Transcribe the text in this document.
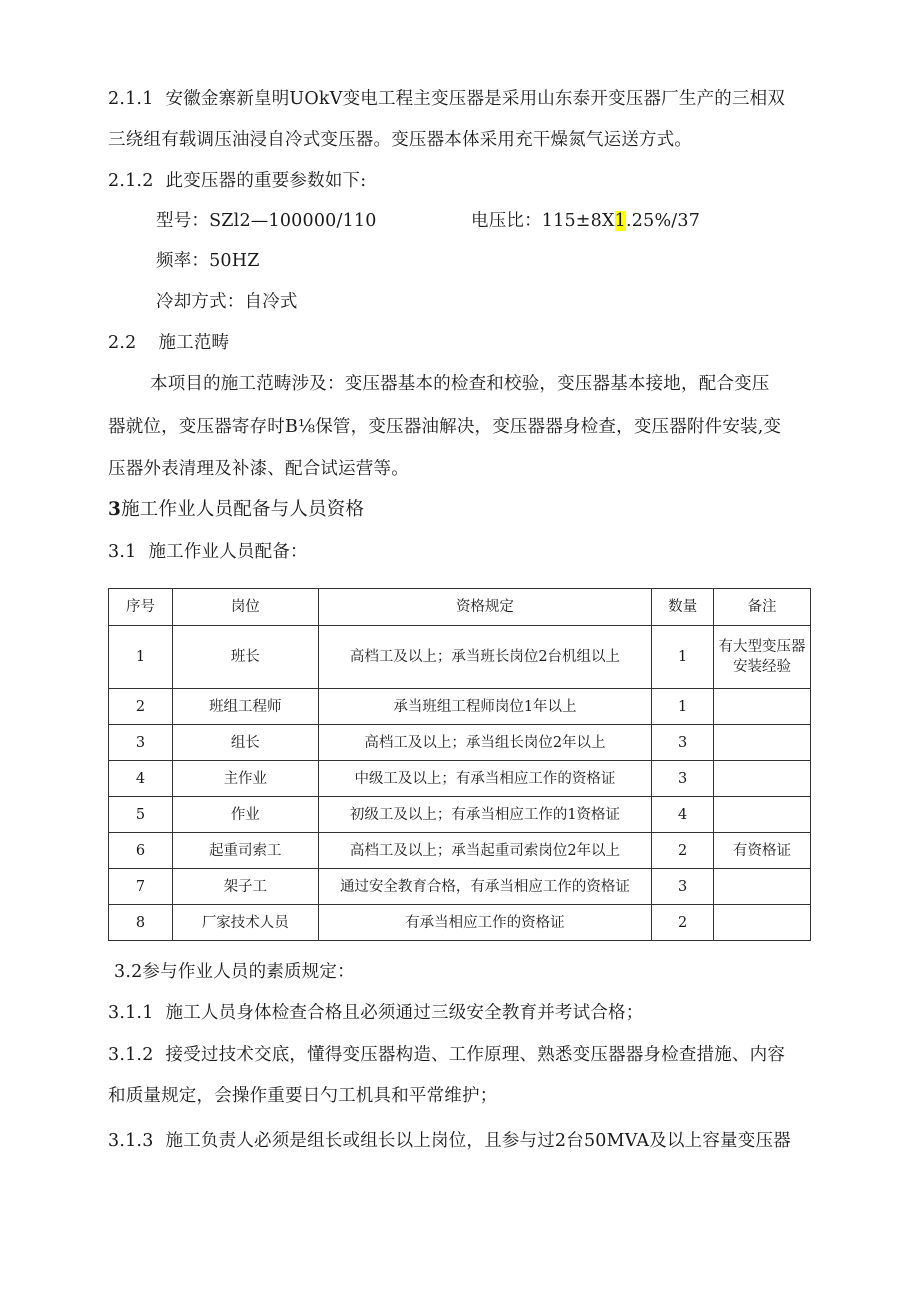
2.1.1 安徽金寨新皇明UOkV变电工程主变压器是采用山东泰开变压器厂生产的三相双
三绕组有载调压油浸自冷式变压器。变压器本体采用充干燥氮气运送方式。
2.1.2 此变压器的重要参数如下:
型号：SZl2—100000/110	电压比：115±8X1.25%/37
频率：50HZ
冷却方式：自冷式
2.2 施工范畴
本项目的施工范畴涉及：变压器基本的检查和校验，变压器基本接地，配合变压
器就位，变压器寄存时B⅛保管，变压器油解决，变压器器身检查，变压器附件安装,变
压器外表清理及补漆、配合试运营等。
3施工作业人员配备与人员资格
3.1 施工作业人员配备：
序号	岗位	资格规定	数量	备注
1	班长	高档工及以上；承当班长岗位2台机组以上	1	有大型变压器安装经验
2	班组工程师	承当班组工程师岗位1年以上	1	
3	组长	高档工及以上；承当组长岗位2年以上	3	
4	主作业	中级工及以上；有承当相应工作的资格证	3	
5	作业	初级工及以上；有承当相应工作的1资格证	4	
6	起重司索工	高档工及以上；承当起重司索岗位2年以上	2	有资格证
7	架子工	通过安全教育合格，有承当相应工作的资格证	3	
8	厂家技术人员	有承当相应工作的资格证	2	
3.2参与作业人员的素质规定：
3.1.1 施工人员身体检查合格且必须通过三级安全教育并考试合格；
3.1.2 接受过技术交底，懂得变压器构造、工作原理、熟悉变压器器身检查措施、内容
和质量规定，会操作重要日勺工机具和平常维护；
3.1.3 施工负责人必须是组长或组长以上岗位，且参与过2台50MVA及以上容量变压器
